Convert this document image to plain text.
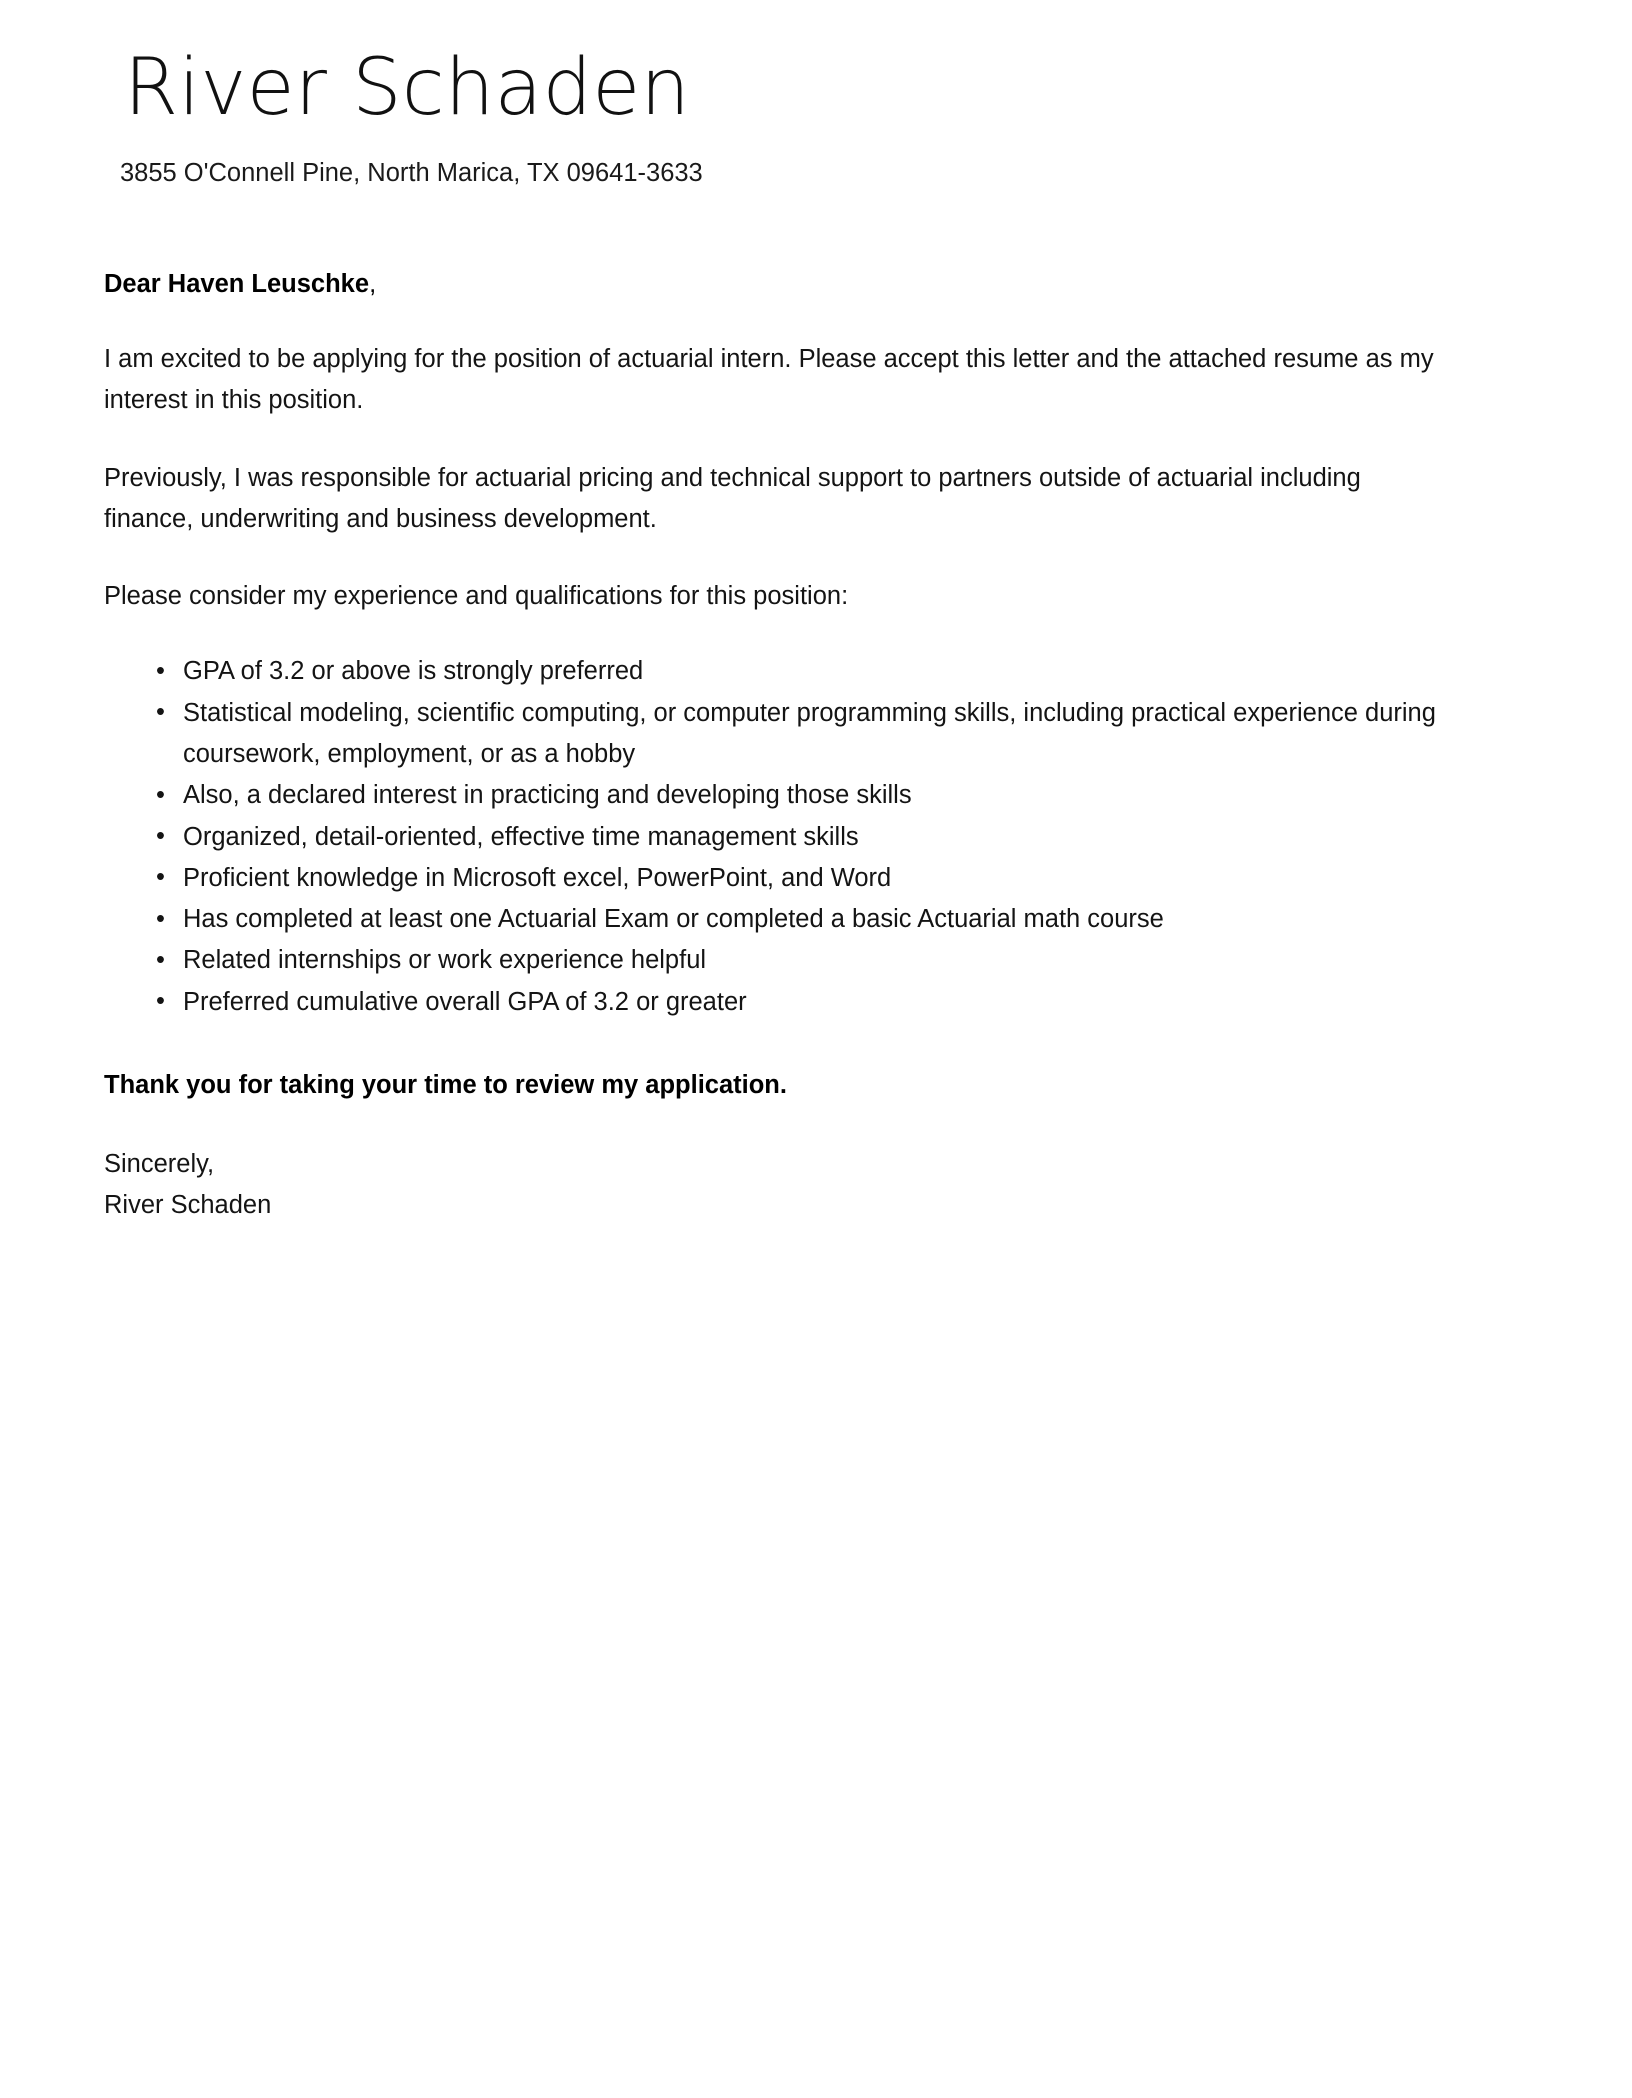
River Schaden

3855 O'Connell Pine, North Marica, TX 09641-3633

Dear Haven Leuschke,

I am excited to be applying for the position of actuarial intern. Please accept this letter and the attached resume as my interest in this position.

Previously, I was responsible for actuarial pricing and technical support to partners outside of actuarial including finance, underwriting and business development.

Please consider my experience and qualifications for this position:

• GPA of 3.2 or above is strongly preferred
• Statistical modeling, scientific computing, or computer programming skills, including practical experience during coursework, employment, or as a hobby
• Also, a declared interest in practicing and developing those skills
• Organized, detail-oriented, effective time management skills
• Proficient knowledge in Microsoft excel, PowerPoint, and Word
• Has completed at least one Actuarial Exam or completed a basic Actuarial math course
• Related internships or work experience helpful
• Preferred cumulative overall GPA of 3.2 or greater

Thank you for taking your time to review my application.

Sincerely,
River Schaden
